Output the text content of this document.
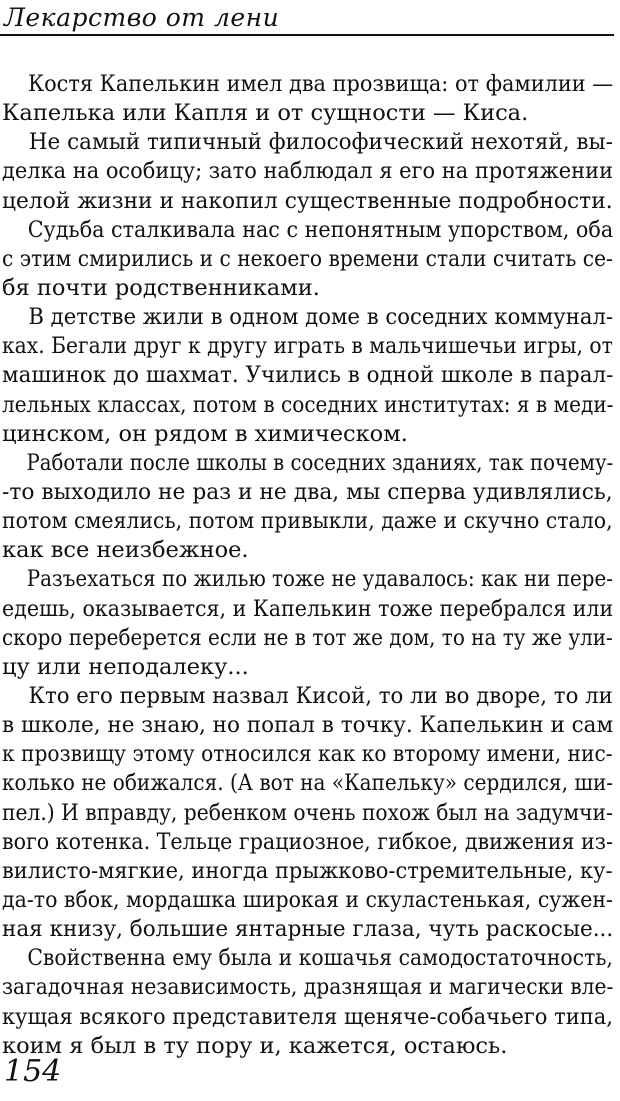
Лекарство от лени
Костя Капелькин имел два прозвища: от фамилии —
Капелька или Капля и от сущности — Киса.
Не самый типичный философический нехотяй, вы-
делка на особицу; зато наблюдал я его на протяжении
целой жизни и накопил существенные подробности.
Судьба сталкивала нас с непонятным упорством, оба
с этим смирились и с некоего времени стали считать се-
бя почти родственниками.
В детстве жили в одном доме в соседних коммунал-
ках. Бегали друг к другу играть в мальчишечьи игры, от
машинок до шахмат. Учились в одной школе в парал-
лельных классах, потом в соседних институтах: я в меди-
цинском, он рядом в химическом.
Работали после школы в соседних зданиях, так почему-
-то выходило не раз и не два, мы сперва удивлялись,
потом смеялись, потом привыкли, даже и скучно стало,
как все неизбежное.
Разъехаться по жилью тоже не удавалось: как ни пере-
едешь, оказывается, и Капелькин тоже перебрался или
скоро переберется если не в тот же дом, то на ту же ули-
цу или неподалеку...
Кто его первым назвал Кисой, то ли во дворе, то ли
в школе, не знаю, но попал в точку. Капелькин и сам
к прозвищу этому относился как ко второму имени, нис-
колько не обижался. (А вот на «Капельку» сердился, ши-
пел.) И вправду, ребенком очень похож был на задумчи-
вого котенка. Тельце грациозное, гибкое, движения из-
вилисто-мягкие, иногда прыжково-стремительные, ку-
да-то вбок, мордашка широкая и скуластенькая, сужен-
ная книзу, большие янтарные глаза, чуть раскосые...
Свойственна ему была и кошачья самодостаточность,
загадочная независимость, дразнящая и магически вле-
кущая всякого представителя щеняче-собачьего типа,
коим я был в ту пору и, кажется, остаюсь.
154
